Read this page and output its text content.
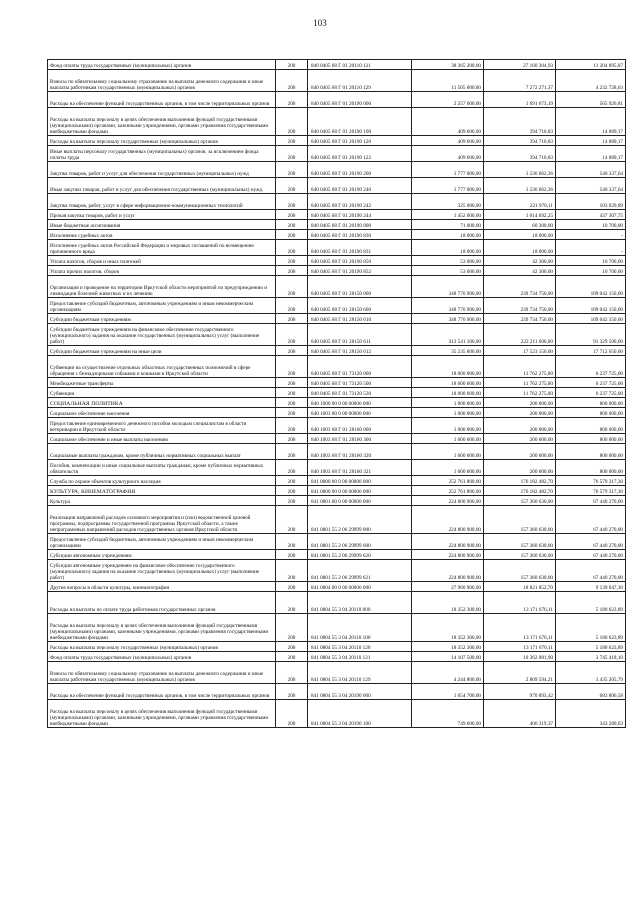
103
Фонд оплаты труда государственных (муниципальных) органов	200	840 0405 68 Г 01 20110 121	38 365 200,00	27 160 304,93	11 204 895,07
Взносы по обязательному социальному страхованию на выплаты денежного содержания и иные выплаты работникам государственных (муниципальных) органов	200	840 0405 68 Г 01 20110 129	11 505 000,00	7 272 271,37	4 232 728,63
Расходы на обеспечение функций государственных органов, в том числе территориальных органов	200	840 0405 68 Г 01 20190 000	2 257 600,00	1 691 673,19	565 926,81
Расходы на выплаты персоналу в целях обеспечения выполнения функций государственными (муниципальными) органами, казенными учреждениями, органами управления государственными внебюджетными фондами	200	840 0405 68 Г 01 20190 100	409 600,00	394 710,83	14 889,17
Расходы на выплаты персоналу государственных (муниципальных) органов	200	840 0405 68 Г 01 20190 120	409 600,00	394 710,83	14 889,17
Иные выплаты персоналу государственных (муниципальных) органов, за исключением фонда оплаты труда	200	840 0405 68 Г 01 20190 122	409 600,00	394 710,83	14 889,17
Закупка товаров, работ и услуг для обеспечения государственных (муниципальных) нужд	200	840 0405 68 Г 01 20190 200	1 777 000,00	1 236 662,36	540 337,64
Иные закупки товаров, работ и услуг для обеспечения государственных (муниципальных) нужд	200	840 0405 68 Г 01 20190 240	1 777 000,00	1 236 662,36	540 337,64
Закупка товаров, работ, услуг в сфере информационно-коммуникационных технологий	200	840 0405 68 Г 01 20190 242	325 000,00	221 970,11	103 029,89
Прочая закупка товаров, работ и услуг	200	840 0405 68 Г 01 20190 244	1 452 000,00	1 014 692,25	437 307,75
Иные бюджетные ассигнования	200	840 0405 68 Г 01 20190 800	71 000,00	60 300,00	10 700,00
Исполнение судебных актов	200	840 0405 68 Г 01 20190 830	18 000,00	18 000,00	-
Исполнение судебных актов Российской Федерации и мировых соглашений по возмещению причиненного вреда	200	840 0405 68 Г 01 20190 831	18 000,00	18 000,00	-
Уплата налогов, сборов и иных платежей	200	840 0405 68 Г 01 20190 850	53 000,00	42 300,00	10 700,00
Уплата прочих налогов, сборов	200	840 0405 68 Г 01 20190 852	53 000,00	42 300,00	10 700,00
Организация и проведение на территории Иркутской области мероприятий по предупреждению и ликвидации болезней животных и их лечению	200	840 0405 68 Г 01 28150 000	348 776 900,00	239 734 750,00	109 042 150,00
Предоставление субсидий бюджетным, автономным учреждениям и иным некоммерческим организациям	200	840 0405 68 Г 01 28150 600	348 776 900,00	239 734 750,00	109 042 150,00
Субсидии бюджетным учреждениям	200	840 0405 68 Г 01 28150 610	348 776 900,00	239 734 750,00	109 042 150,00
Субсидии бюджетным учреждениям на финансовое обеспечение государственного (муниципального) задания на оказание государственных (муниципальных) услуг (выполнение работ)	200	840 0405 68 Г 01 28150 611	313 541 100,00	222 211 600,00	91 329 500,00
Субсидии бюджетным учреждениям на иные цели	200	840 0405 68 Г 01 28150 612	35 235 800,00	17 523 150,00	17 712 650,00
Субвенции на осуществление отдельных областных государственных полномочий в сфере обращения с безнадзорными собаками и кошками в Иркутской области	200	840 0405 68 Г 01 73120 000	18 000 000,00	11 762 275,00	6 237 725,00
Межбюджетные трансферты	200	840 0405 68 Г 01 73120 500	18 000 000,00	11 762 275,00	6 237 725,00
Субвенции	200	840 0405 68 Г 01 73120 530	18 000 000,00	11 762 275,00	6 237 725,00
СОЦИАЛЬНАЯ ПОЛИТИКА	200	840 1000 00 0 00 00000 000	1 000 000,00	200 000,00	800 000,00
Социальное обеспечение населения	200	840 1003 00 0 00 00000 000	1 000 000,00	200 000,00	800 000,00
Предоставление единовременного денежного пособия молодым специалистам в области ветеринарии в Иркутской области	200	840 1003 68 Г 01 28160 000	1 000 000,00	200 000,00	800 000,00
Социальное обеспечение и иные выплаты населению	200	840 1003 68 Г 01 28160 300	1 000 000,00	200 000,00	800 000,00
Социальные выплаты гражданам, кроме публичных нормативных социальных выплат	200	840 1003 68 Г 01 28160 320	1 000 000,00	200 000,00	800 000,00
Пособия, компенсации и иные социальные выплаты гражданам, кроме публичных нормативных обязательств	200	840 1003 68 Г 01 28160 321	1 000 000,00	200 000,00	800 000,00
Служба по охране объектов культурного наследия	200	841 0000 00 0 00 00000 000	252 761 800,00	176 182 482,70	76 579 317,30
КУЛЬТУРА, КИНЕМАТОГРАФИЯ	200	841 0800 00 0 00 00000 000	252 761 800,00	176 182 482,70	76 579 317,30
Культура	200	841 0801 00 0 00 00000 000	224 800 900,00	157 360 630,00	67 440 270,00
Реализация направлений расходов основного мероприятия и (или) ведомственной целевой программы, подпрограммы государственной программы Иркутской области, а также непрограммных направлений расходов государственных органов Иркутской области	200	841 0801 55 2 06 29999 000	224 800 900,00	157 360 630,00	67 440 270,00
Предоставление субсидий бюджетным, автономным учреждениям и иным некоммерческим организациям	200	841 0801 55 2 06 29999 600	224 800 900,00	157 360 630,00	67 440 270,00
Субсидии автономным учреждениям	200	841 0801 55 2 06 29999 620	224 800 900,00	157 360 630,00	67 440 270,00
Субсидии автономным учреждениям на финансовое обеспечение государственного (муниципального) задания на оказание государственных (муниципальных) услуг (выполнение работ)	200	841 0801 55 2 06 29999 621	224 800 900,00	157 360 630,00	67 440 270,00
Другие вопросы в области культуры, кинематографии	200	841 0804 00 0 00 00000 000	27 960 900,00	18 821 852,70	9 139 047,30
Расходы на выплаты по оплате труда работников государственных органов	200	841 0804 55 3 04 20110 000	18 352 300,00	13 171 676,11	5 180 623,89
Расходы на выплаты персоналу в целях обеспечения выполнения функций государственными (муниципальными) органами, казенными учреждениями, органами управления государственными внебюджетными фондами	200	841 0804 55 3 04 20110 100	18 352 300,00	13 171 676,11	5 180 623,89
Расходы на выплаты персоналу государственных (муниципальных) органов	200	841 0804 55 3 04 20110 120	18 352 300,00	13 171 676,11	5 180 623,89
Фонд оплаты труда государственных (муниципальных) органов	200	841 0804 55 3 04 20110 121	14 107 500,00	10 362 081,90	3 745 418,10
Взносы по обязательному социальному страхованию на выплаты денежного содержания и иные выплаты работникам государственных (муниципальных) органов	200	841 0804 55 3 04 20110 129	4 244 800,00	2 809 594,21	1 435 205,79
Расходы на обеспечение функций государственных органов, в том числе территориальных органов	200	841 0804 55 3 04 20190 000	1 654 700,00	970 893,42	683 806,58
Расходы на выплаты персоналу в целях обеспечения выполнения функций государственными (муниципальными) органами, казенными учреждениями, органами управления государственными внебюджетными фондами	200	841 0804 55 3 04 20190 100	749 600,00	406 319,37	343 280,63
